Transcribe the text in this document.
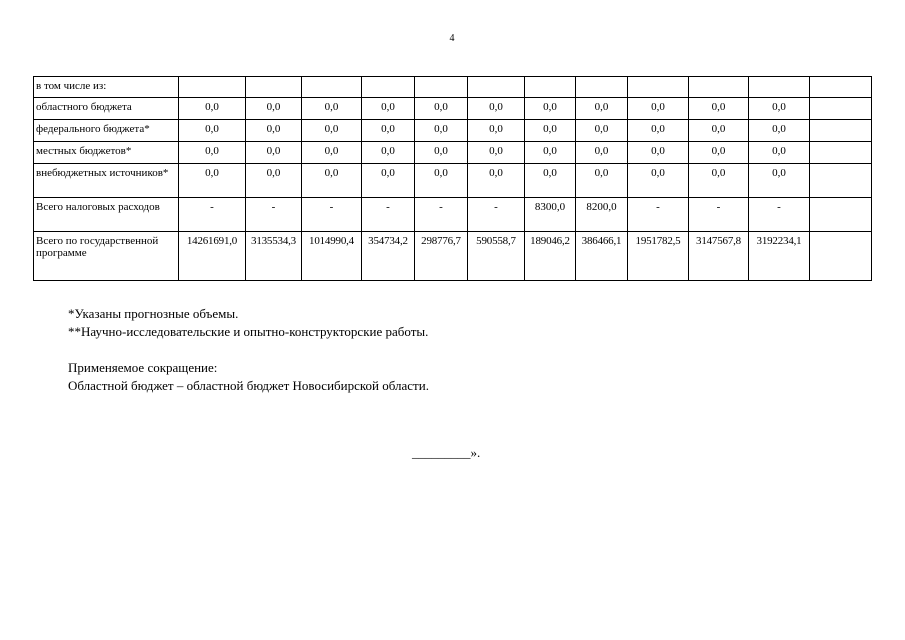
4
в том числе из:												
областного бюджета	0,0	0,0	0,0	0,0	0,0	0,0	0,0	0,0	0,0	0,0	0,0	
федерального бюджета*	0,0	0,0	0,0	0,0	0,0	0,0	0,0	0,0	0,0	0,0	0,0	
местных бюджетов*	0,0	0,0	0,0	0,0	0,0	0,0	0,0	0,0	0,0	0,0	0,0	
внебюджетных источников*	0,0	0,0	0,0	0,0	0,0	0,0	0,0	0,0	0,0	0,0	0,0	
Всего налоговых расходов	-	-	-	-	-	-	8300,0	8200,0	-	-	-	
Всего по государственной программе	14261691,0	3135534,3	1014990,4	354734,2	298776,7	590558,7	189046,2	386466,1	1951782,5	3147567,8	3192234,1	

*Указаны прогнозные объемы.

**Научно-исследовательские и опытно-конструкторские работы.

Применяемое сокращение:

Областной бюджет – областной бюджет Новосибирской области.

_________».
